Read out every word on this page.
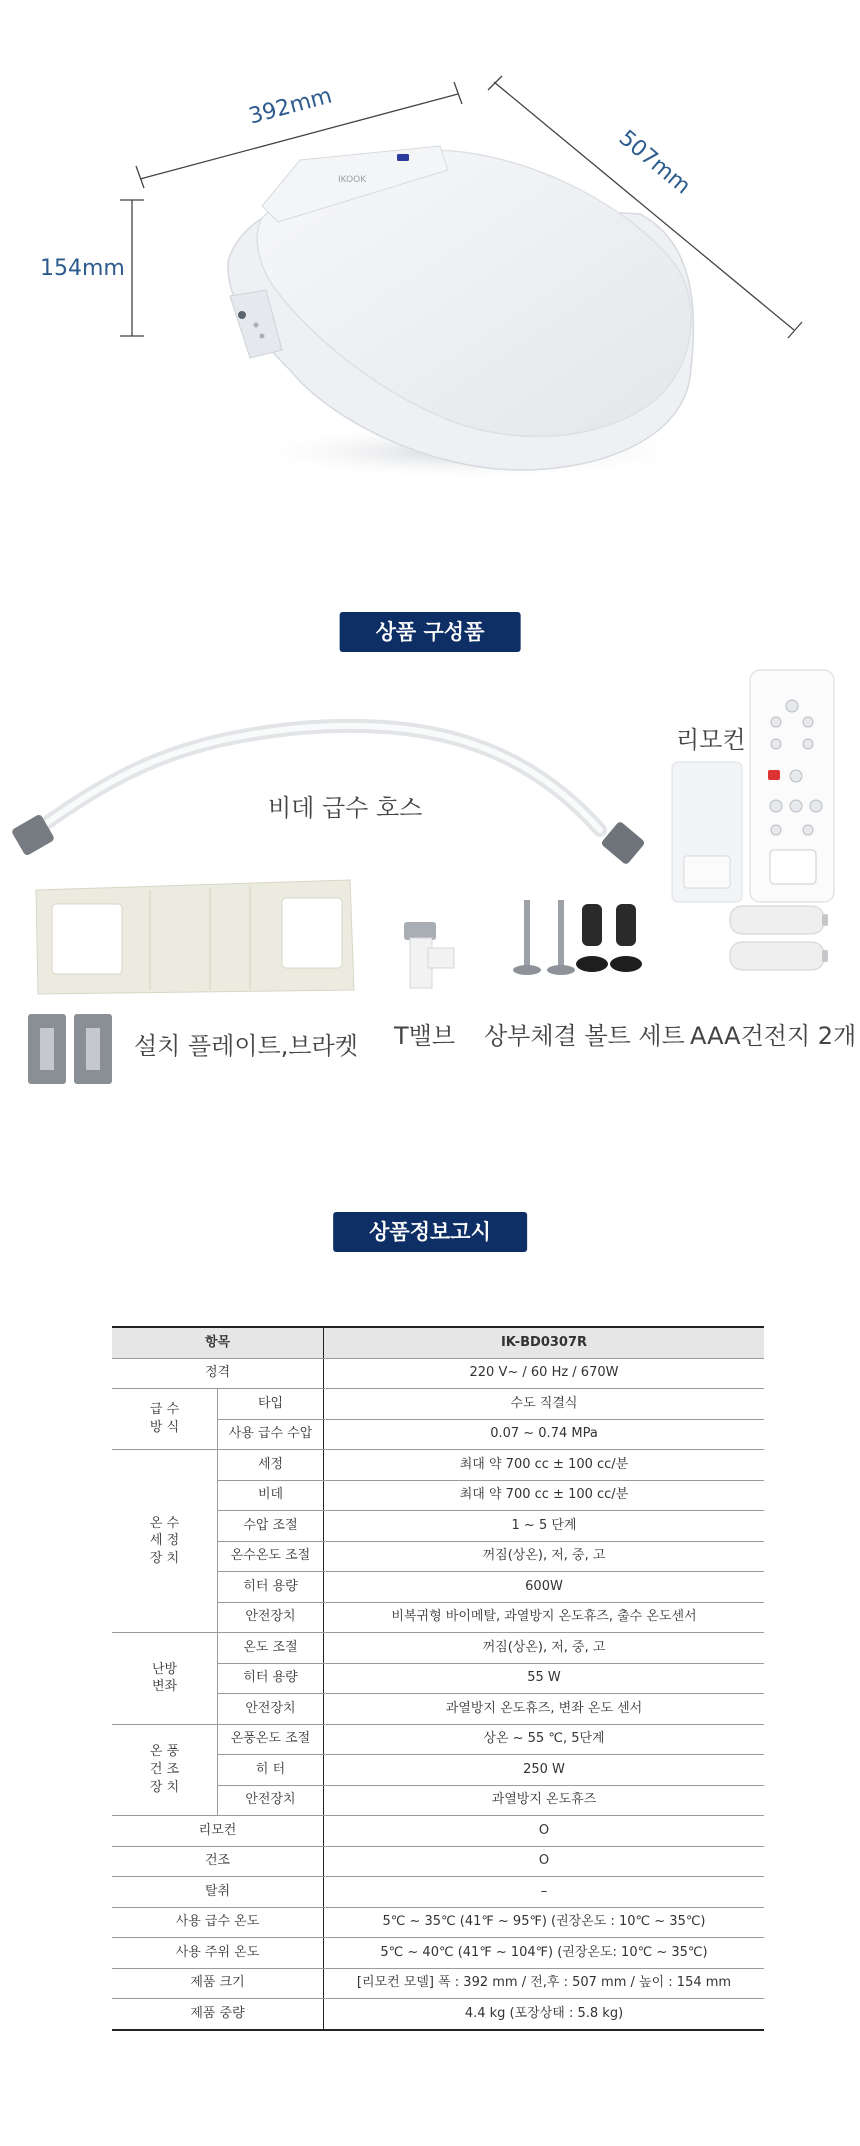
IKOOK
392mm
507mm
154mm
상품 구성품
비데 급수 호스
리모컨
설치 플레이트,브라켓 T밸브 상부체결 볼트 세트 AAA건전지 2개
상품정보고시
항목		IK-BD0307R
정격		220 V~ / 60 Hz / 670W
급 수
방 식	타입	수도 직결식
	사용 급수 수압	0.07 ~ 0.74 MPa
온 수
세 정
장 치	세정	최대 약 700 cc ± 100 cc/분
	비데	최대 약 700 cc ± 100 cc/분
	수압 조절	1 ~ 5 단계
	온수온도 조절	꺼짐(상온), 저, 중, 고
	히터 용량	600W
	안전장치	비복귀형 바이메탈, 과열방지 온도휴즈, 출수 온도센서
난방
변좌	온도 조절	꺼짐(상온), 저, 중, 고
	히터 용량	55 W
	안전장치	과열방지 온도휴즈, 변좌 온도 센서
온 풍
건 조
장 치	온풍온도 조절	상온 ~ 55 ℃, 5단계
	히 터	250 W
	안전장치	과열방지 온도휴즈
리모컨		O
건조		O
탈취		–
사용 급수 온도		5℃ ~ 35℃ (41℉ ~ 95℉) (권장온도 : 10℃ ~ 35℃)
사용 주위 온도		5℃ ~ 40℃ (41℉ ~ 104℉) (권장온도: 10℃ ~ 35℃)
제품 크기		[리모컨 모델] 폭 : 392 mm / 전,후 : 507 mm / 높이 : 154 mm
제품 중량		4.4 kg (포장상태 : 5.8 kg)
